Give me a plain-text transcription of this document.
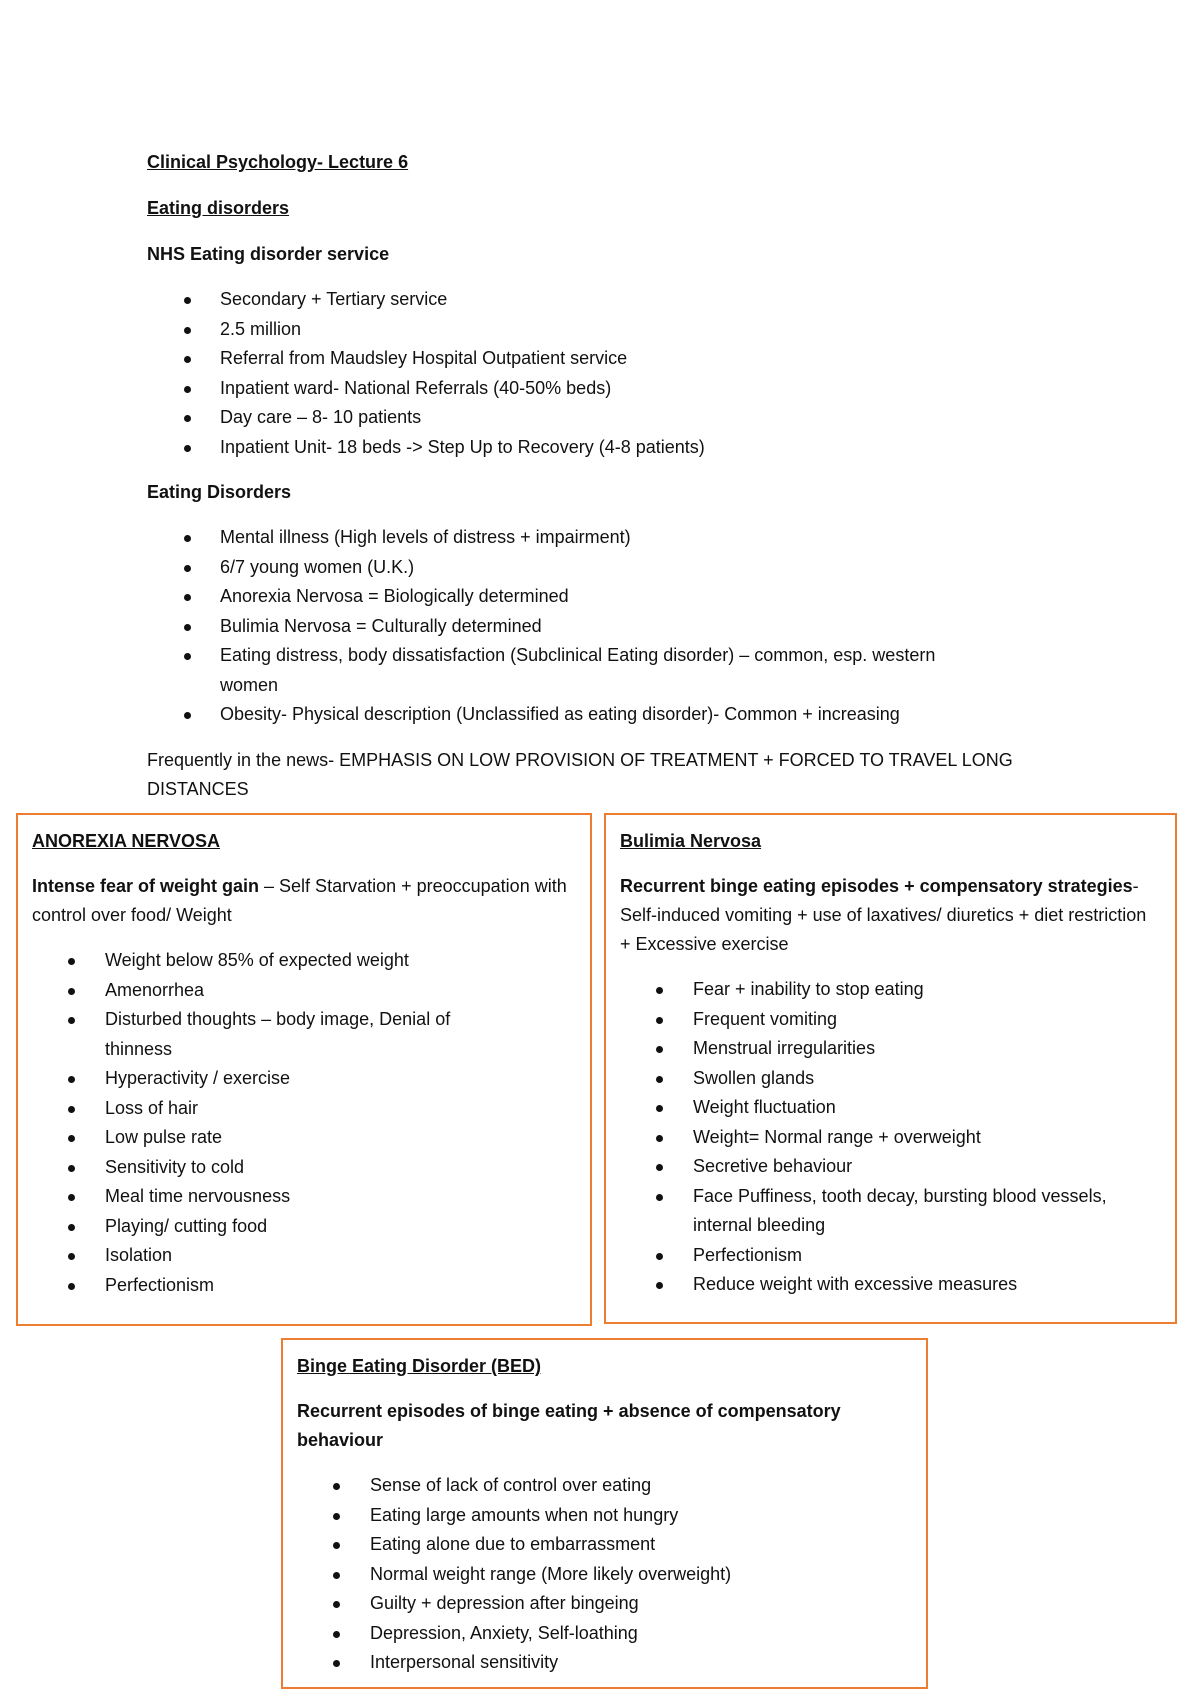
Clinical Psychology- Lecture 6

Eating disorders

NHS Eating disorder service

Secondary + Tertiary service
2.5 million
Referral from Maudsley Hospital Outpatient service
Inpatient ward- National Referrals (40-50% beds)
Day care – 8- 10 patients
Inpatient Unit- 18 beds -> Step Up to Recovery (4-8 patients)

Eating Disorders

Mental illness (High levels of distress + impairment)
6/7 young women (U.K.)
Anorexia Nervosa = Biologically determined
Bulimia Nervosa = Culturally determined
Eating distress, body dissatisfaction (Subclinical Eating disorder) – common, esp. western women
Obesity- Physical description (Unclassified as eating disorder)- Common + increasing

Frequently in the news- EMPHASIS ON LOW PROVISION OF TREATMENT + FORCED TO TRAVEL LONG DISTANCES

ANOREXIA NERVOSA

Intense fear of weight gain – Self Starvation + preoccupation with control over food/ Weight

Weight below 85% of expected weight
Amenorrhea
Disturbed thoughts – body image, Denial of thinness
Hyperactivity / exercise
Loss of hair
Low pulse rate
Sensitivity to cold
Meal time nervousness
Playing/ cutting food
Isolation
Perfectionism

Bulimia Nervosa

Recurrent binge eating episodes + compensatory strategies- Self-induced vomiting + use of laxatives/ diuretics + diet restriction + Excessive exercise

Fear + inability to stop eating
Frequent vomiting
Menstrual irregularities
Swollen glands
Weight fluctuation
Weight= Normal range + overweight
Secretive behaviour
Face Puffiness, tooth decay, bursting blood vessels, internal bleeding
Perfectionism
Reduce weight with excessive measures

Binge Eating Disorder (BED)

Recurrent episodes of binge eating + absence of compensatory behaviour

Sense of lack of control over eating
Eating large amounts when not hungry
Eating alone due to embarrassment
Normal weight range (More likely overweight)
Guilty + depression after bingeing
Depression, Anxiety, Self-loathing
Interpersonal sensitivity
